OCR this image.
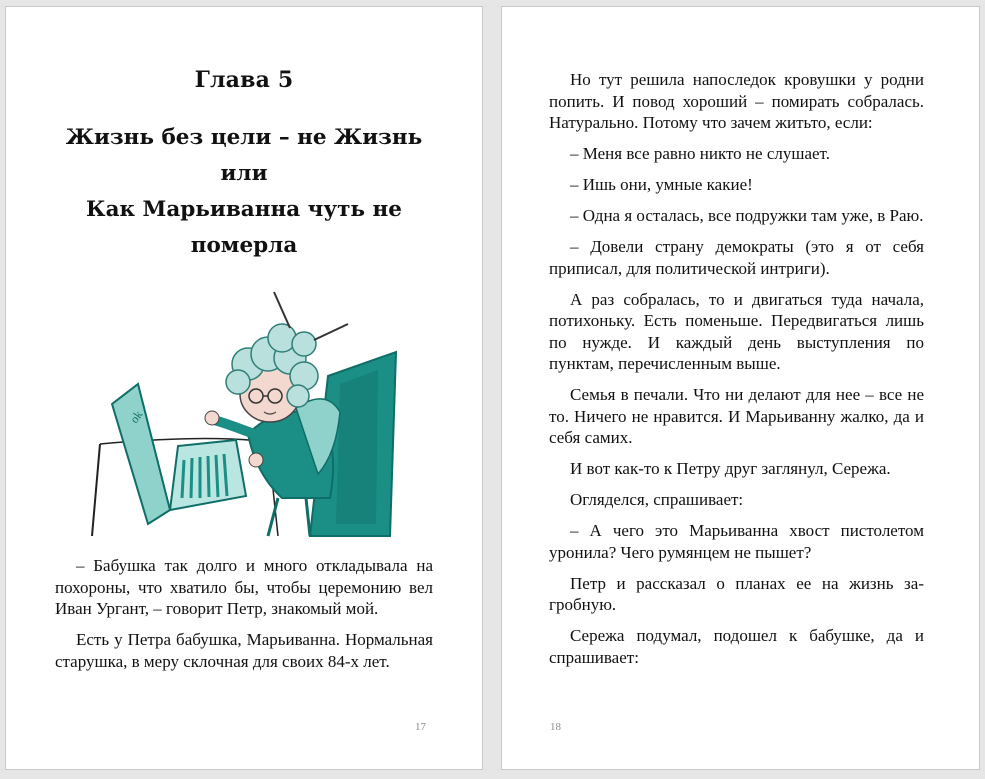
Глава 5
Жизнь без цели – не Жизнь
или
Как Марьиванна чуть не
померла
ok

– Бабушка так долго и много откладывала на похороны, что хватило бы, чтобы церемонию вел Иван Ургант, – говорит Петр, знакомый мой.

Есть у Петра бабушка, Марьиванна. Нормальная старушка, в меру склочная для своих 84-х лет.

17

Но тут решила напоследок кровушки у родни попить. И повод хороший – помирать собралась. Натурально. Потому что зачем житьто, если:

– Меня все равно никто не слушает.

– Ишь они, умные какие!

– Одна я осталась, все подружки там уже, в Раю.

– Довели страну демократы (это я от себя приписал, для политической интриги).

А раз собралась, то и двигаться туда начала, потихоньку. Есть поменьше. Передвигаться лишь по нужде. И каждый день выступления по пунктам, перечисленным выше.

Семья в печали. Что ни делают для нее – все не то. Ничего не нравится. И Марьиванну жалко, да и себя самих.

И вот как-то к Петру друг заглянул, Сережа.

Огляделся, спрашивает:

– А чего это Марьиванна хвост пистолетом уронила? Чего румянцем не пышет?

Петр и рассказал о планах ее на жизнь загробную.

Сережа подумал, подошел к бабушке, да и спрашивает:

18
